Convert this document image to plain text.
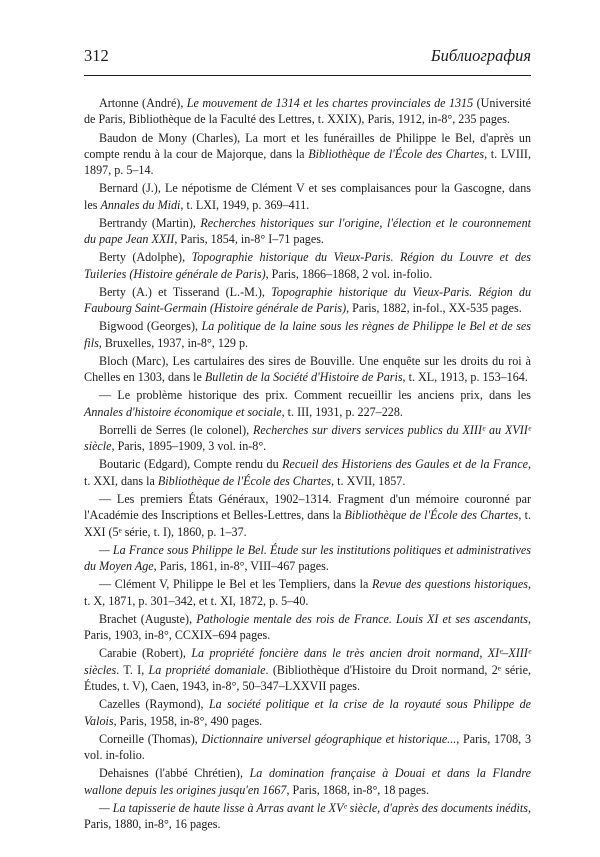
312	Библиография

Artonne (André), Le mouvement de 1314 et les chartes provinciales de 1315 (Université de Paris, Bibliothèque de la Faculté des Lettres, t. XXIX), Paris, 1912, in-8°, 235 pages.

Baudon de Mony (Charles), La mort et les funérailles de Philippe le Bel, d'après un compte rendu à la cour de Majorque, dans la Bibliothèque de l'École des Chartes, t. LVIII, 1897, p. 5–14.

Bernard (J.), Le népotisme de Clément V et ses complaisances pour la Gascogne, dans les Annales du Midi, t. LXI, 1949, p. 369–411.

Bertrandy (Martin), Recherches historiques sur l'origine, l'élection et le couronnement du pape Jean XXII, Paris, 1854, in-8° I–71 pages.

Berty (Adolphe), Topographie historique du Vieux-Paris. Région du Louvre et des Tuileries (Histoire générale de Paris), Paris, 1866–1868, 2 vol. in-folio.

Berty (A.) et Tisserand (L.-M.), Topographie historique du Vieux-Paris. Région du Faubourg Saint-Germain (Histoire générale de Paris), Paris, 1882, in-fol., XX-535 pages.

Bigwood (Georges), La politique de la laine sous les règnes de Philippe le Bel et de ses fils, Bruxelles, 1937, in-8°, 129 p.

Bloch (Marc), Les cartulaires des sires de Bouville. Une enquête sur les droits du roi à Chelles en 1303, dans le Bulletin de la Société d'Histoire de Paris, t. XL, 1913, p. 153–164.

— Le problème historique des prix. Comment recueillir les anciens prix, dans les Annales d'histoire économique et sociale, t. III, 1931, p. 227–228.

Borrelli de Serres (le colonel), Recherches sur divers services publics du XIIIᵉ au XVIIᵉ siècle, Paris, 1895–1909, 3 vol. in-8°.

Boutaric (Edgard), Compte rendu du Recueil des Historiens des Gaules et de la France, t. XXI, dans la Bibliothèque de l'École des Chartes, t. XVII, 1857.

— Les premiers États Généraux, 1902–1314. Fragment d'un mémoire couronné par l'Académie des Inscriptions et Belles-Lettres, dans la Bibliothèque de l'École des Chartes, t. XXI (5ᵉ série, t. I), 1860, p. 1–37.

— La France sous Philippe le Bel. Étude sur les institutions politiques et administratives du Moyen Age, Paris, 1861, in-8°, VIII–467 pages.

— Clément V, Philippe le Bel et les Templiers, dans la Revue des questions historiques, t. X, 1871, p. 301–342, et t. XI, 1872, p. 5–40.

Brachet (Auguste), Pathologie mentale des rois de France. Louis XI et ses ascendants, Paris, 1903, in-8°, CCXIX–694 pages.

Carabie (Robert), La propriété foncière dans le très ancien droit normand, XIᵉ–XIIIᵉ siècles. T. I, La propriété domaniale. (Bibliothèque d'Histoire du Droit normand, 2ᵉ série, Études, t. V), Caen, 1943, in-8°, 50–347–LXXVII pages.

Cazelles (Raymond), La société politique et la crise de la royauté sous Philippe de Valois, Paris, 1958, in-8°, 490 pages.

Corneille (Thomas), Dictionnaire universel géographique et historique..., Paris, 1708, 3 vol. in-folio.

Dehaisnes (l'abbé Chrétien), La domination française à Douai et dans la Flandre wallone depuis les origines jusqu'en 1667, Paris, 1868, in-8°, 18 pages.

— La tapisserie de haute lisse à Arras avant le XVᵉ siècle, d'après des documents inédits, Paris, 1880, in-8°, 16 pages.
